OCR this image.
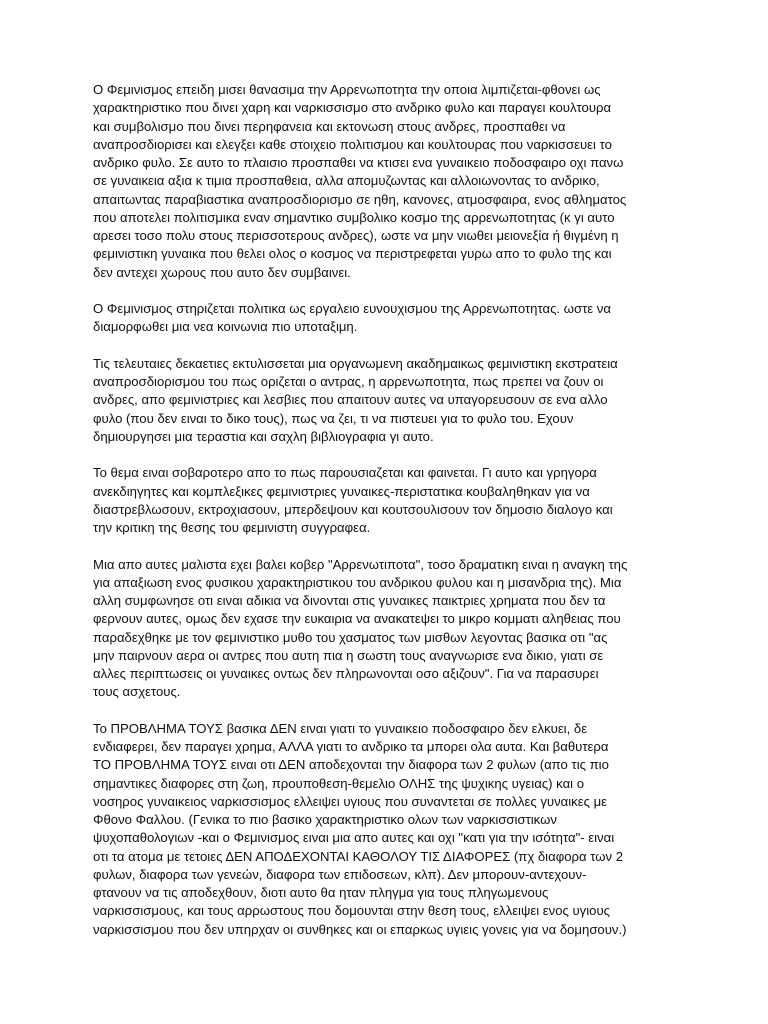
Ο Φεμινισμος επειδη μισει θανασιμα την Αρρενωποτητα την οποια λιμπιζεται-φθονει ως
χαρακτηριστικο που δινει χαρη και ναρκισσισμο στο ανδρικο φυλο και παραγει κουλτουρα
και συμβολισμο που δινει περηφανεια και εκτονωση στους ανδρες, προσπαθει να
αναπροσδιορισει και ελεγξει καθε στοιχειο πολιτισμου και κουλτουρας που ναρκισσευει το
ανδρικο φυλο. Σε αυτο το πλαισιο προσπαθει να κτισει ενα γυναικειο ποδοσφαιρο οχι πανω
σε γυναικεια αξια κ τιμια προσπαθεια, αλλα απομυζωντας και αλλοιωνοντας το ανδρικο,
απαιτωντας παραβιαστικα αναπροσδιορισμο σε ηθη, κανονες, ατμοσφαιρα, ενος αθληματος
που αποτελει πολιτισμικα εναν σημαντικο συμβολικο κοσμο της αρρενωποτητας (κ γι αυτο
αρεσει τοσο πολυ στους περισσοτερους ανδρες), ωστε να μην νιωθει μειονεξία ή θιγμένη η
φεμινιστικη γυναικα που θελει ολος ο κοσμος να περιστρεφεται γυρω απο το φυλο της και
δεν αντεχει χωρους που αυτο δεν συμβαινει.
Ο Φεμινισμος στηριζεται πολιτικα ως εργαλειο ευνουχισμου της Αρρενωποτητας. ωστε να
διαμορφωθει μια νεα κοινωνια πιο υποταξιμη.
Τις τελευταιες δεκαετιες εκτυλισσεται μια οργανωμενη ακαδημαικως φεμινιστικη εκστρατεια
αναπροσδιορισμου του πως οριζεται ο αντρας, η αρρενωποτητα, πως πρεπει να ζουν οι
ανδρες, απο φεμινιστριες και λεσβιες που απαιτουν αυτες να υπαγορευσουν σε ενα αλλο
φυλο (που δεν ειναι το δικο τους), πως να ζει, τι να πιστευει για το φυλο του. Εχουν
δημιουργησει μια τεραστια και σαχλη βιβλιογραφια γι αυτο.
Το θεμα ειναι σοβαροτερο απο το πως παρουσιαζεται και φαινεται. Γι αυτο και γρηγορα
ανεκδιηγητες και κομπλεξικες φεμινιστριες γυναικες-περιστατικα κουβαληθηκαν για να
διαστρεβλωσουν, εκτροχιασουν, μπερδεψουν και κουτσουλισουν τον δημοσιο διαλογο και
την κριτικη της θεσης του φεμινιστη συγγραφεα.
Μια απο αυτες μαλιστα εχει βαλει κοβερ "Αρρενωτιποτα", τοσο δραματικη ειναι η αναγκη της
για απαξιωση ενος φυσικου χαρακτηριστικου του ανδρικου φυλου και η μισανδρια της). Μια
αλλη συμφωνησε οτι ειναι αδικια να δινονται στις γυναικες παικτριες χρηματα που δεν τα
φερνουν αυτες, ομως δεν εχασε την ευκαιρια να ανακατεψει το μικρο κομματι αληθειας που
παραδεχθηκε με τον φεμινιστικο μυθο του χασματος των μισθων λεγοντας βασικα οτι "ας
μην παιρνουν αερα οι αντρες που αυτη πια η σωστη τους αναγνωρισε ενα δικιο, γιατι σε
αλλες περιπτωσεις οι γυναικες οντως δεν πληρωνονται οσο αξιζουν". Για να παρασυρει
τους ασχετους.
Το ΠΡΟΒΛΗΜΑ ΤΟΥΣ βασικα ΔΕΝ ειναι γιατι το γυναικειο ποδοσφαιρο δεν ελκυει, δε
ενδιαφερει, δεν παραγει χρημα, ΑΛΛΑ γιατι το ανδρικο τα μπορει ολα αυτα. Και βαθυτερα
ΤΟ ΠΡΟΒΛΗΜΑ ΤΟΥΣ ειναι οτι ΔΕΝ αποδεχονται την διαφορα των 2 φυλων (απο τις πιο
σημαντικες διαφορες στη ζωη, προυποθεση-θεμελιο ΟΛΗΣ της ψυχικης υγειας) και ο
νοσηρος γυναικειος ναρκισσισμος ελλειψει υγιους που συναντεται σε πολλες γυναικες με
Φθονο Φαλλου. (Γενικα το πιο βασικο χαρακτηριστικο ολων των ναρκισσιστικων
ψυχοπαθολογιων -και ο Φεμινισμος ειναι μια απο αυτες και οχι "κατι για την ισότητα"- ειναι
οτι τα ατομα με τετοιες ΔΕΝ ΑΠΟΔΕΧΟΝΤΑΙ ΚΑΘΟΛΟΥ ΤΙΣ ΔΙΑΦΟΡΕΣ (πχ διαφορα των 2
φυλων, διαφορα των γενεών, διαφορα των επιδοσεων, κλπ). Δεν μπορουν-αντεχουν-
φτανουν να τις αποδεχθουν, διοτι αυτο θα ηταν πληγμα για τους πληγωμενους
ναρκισσισμους, και τους αρρωστους που δομουνται στην θεση τους, ελλειψει ενος υγιους
ναρκισσισμου που δεν υπηρχαν οι συνθηκες και οι επαρκως υγιεις γονεις για να δομησουν.)
